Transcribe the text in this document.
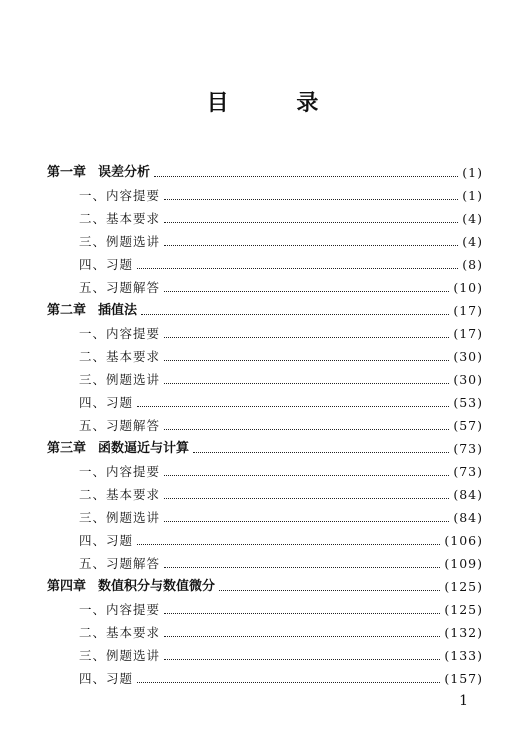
目 录
第一章 误差分析	(1)
一、内容提要	(1)
二、基本要求	(4)
三、例题选讲	(4)
四、习题	(8)
五、习题解答	(10)
第二章 插值法	(17)
一、内容提要	(17)
二、基本要求	(30)
三、例题选讲	(30)
四、习题	(53)
五、习题解答	(57)
第三章 函数逼近与计算	(73)
一、内容提要	(73)
二、基本要求	(84)
三、例题选讲	(84)
四、习题	(106)
五、习题解答	(109)
第四章 数值积分与数值微分	(125)
一、内容提要	(125)
二、基本要求	(132)
三、例题选讲	(133)
四、习题	(157)
1
